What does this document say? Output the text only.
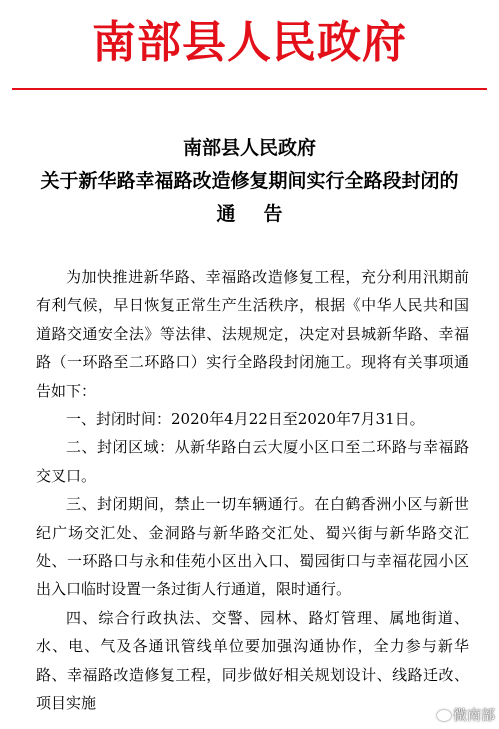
南部县人民政府
南部县人民政府
关于新华路幸福路改造修复期间实行全路段封闭的
通告

为加快推进新华路、幸福路改造修复工程，充分利用汛期前有利气候，早日恢复正常生产生活秩序，根据《中华人民共和国道路交通安全法》等法律、法规规定，决定对县城新华路、幸福路（一环路至二环路口）实行全路段封闭施工。现将有关事项通告如下：

一、封闭时间：2020年4月22日至2020年7月31日。

二、封闭区域：从新华路白云大厦小区口至二环路与幸福路交叉口。

三、封闭期间，禁止一切车辆通行。在白鹤香洲小区与新世纪广场交汇处、金洞路与新华路交汇处、蜀兴街与新华路交汇处、一环路口与永和佳苑小区出入口、蜀园街口与幸福花园小区出入口临时设置一条过街人行通道，限时通行。

四、综合行政执法、交警、园林、路灯管理、属地街道、水、电、气及各通讯管线单位要加强沟通协作，全力参与新华路、幸福路改造修复工程，同步做好相关规划设计、线路迁改、项目实施

微南部
